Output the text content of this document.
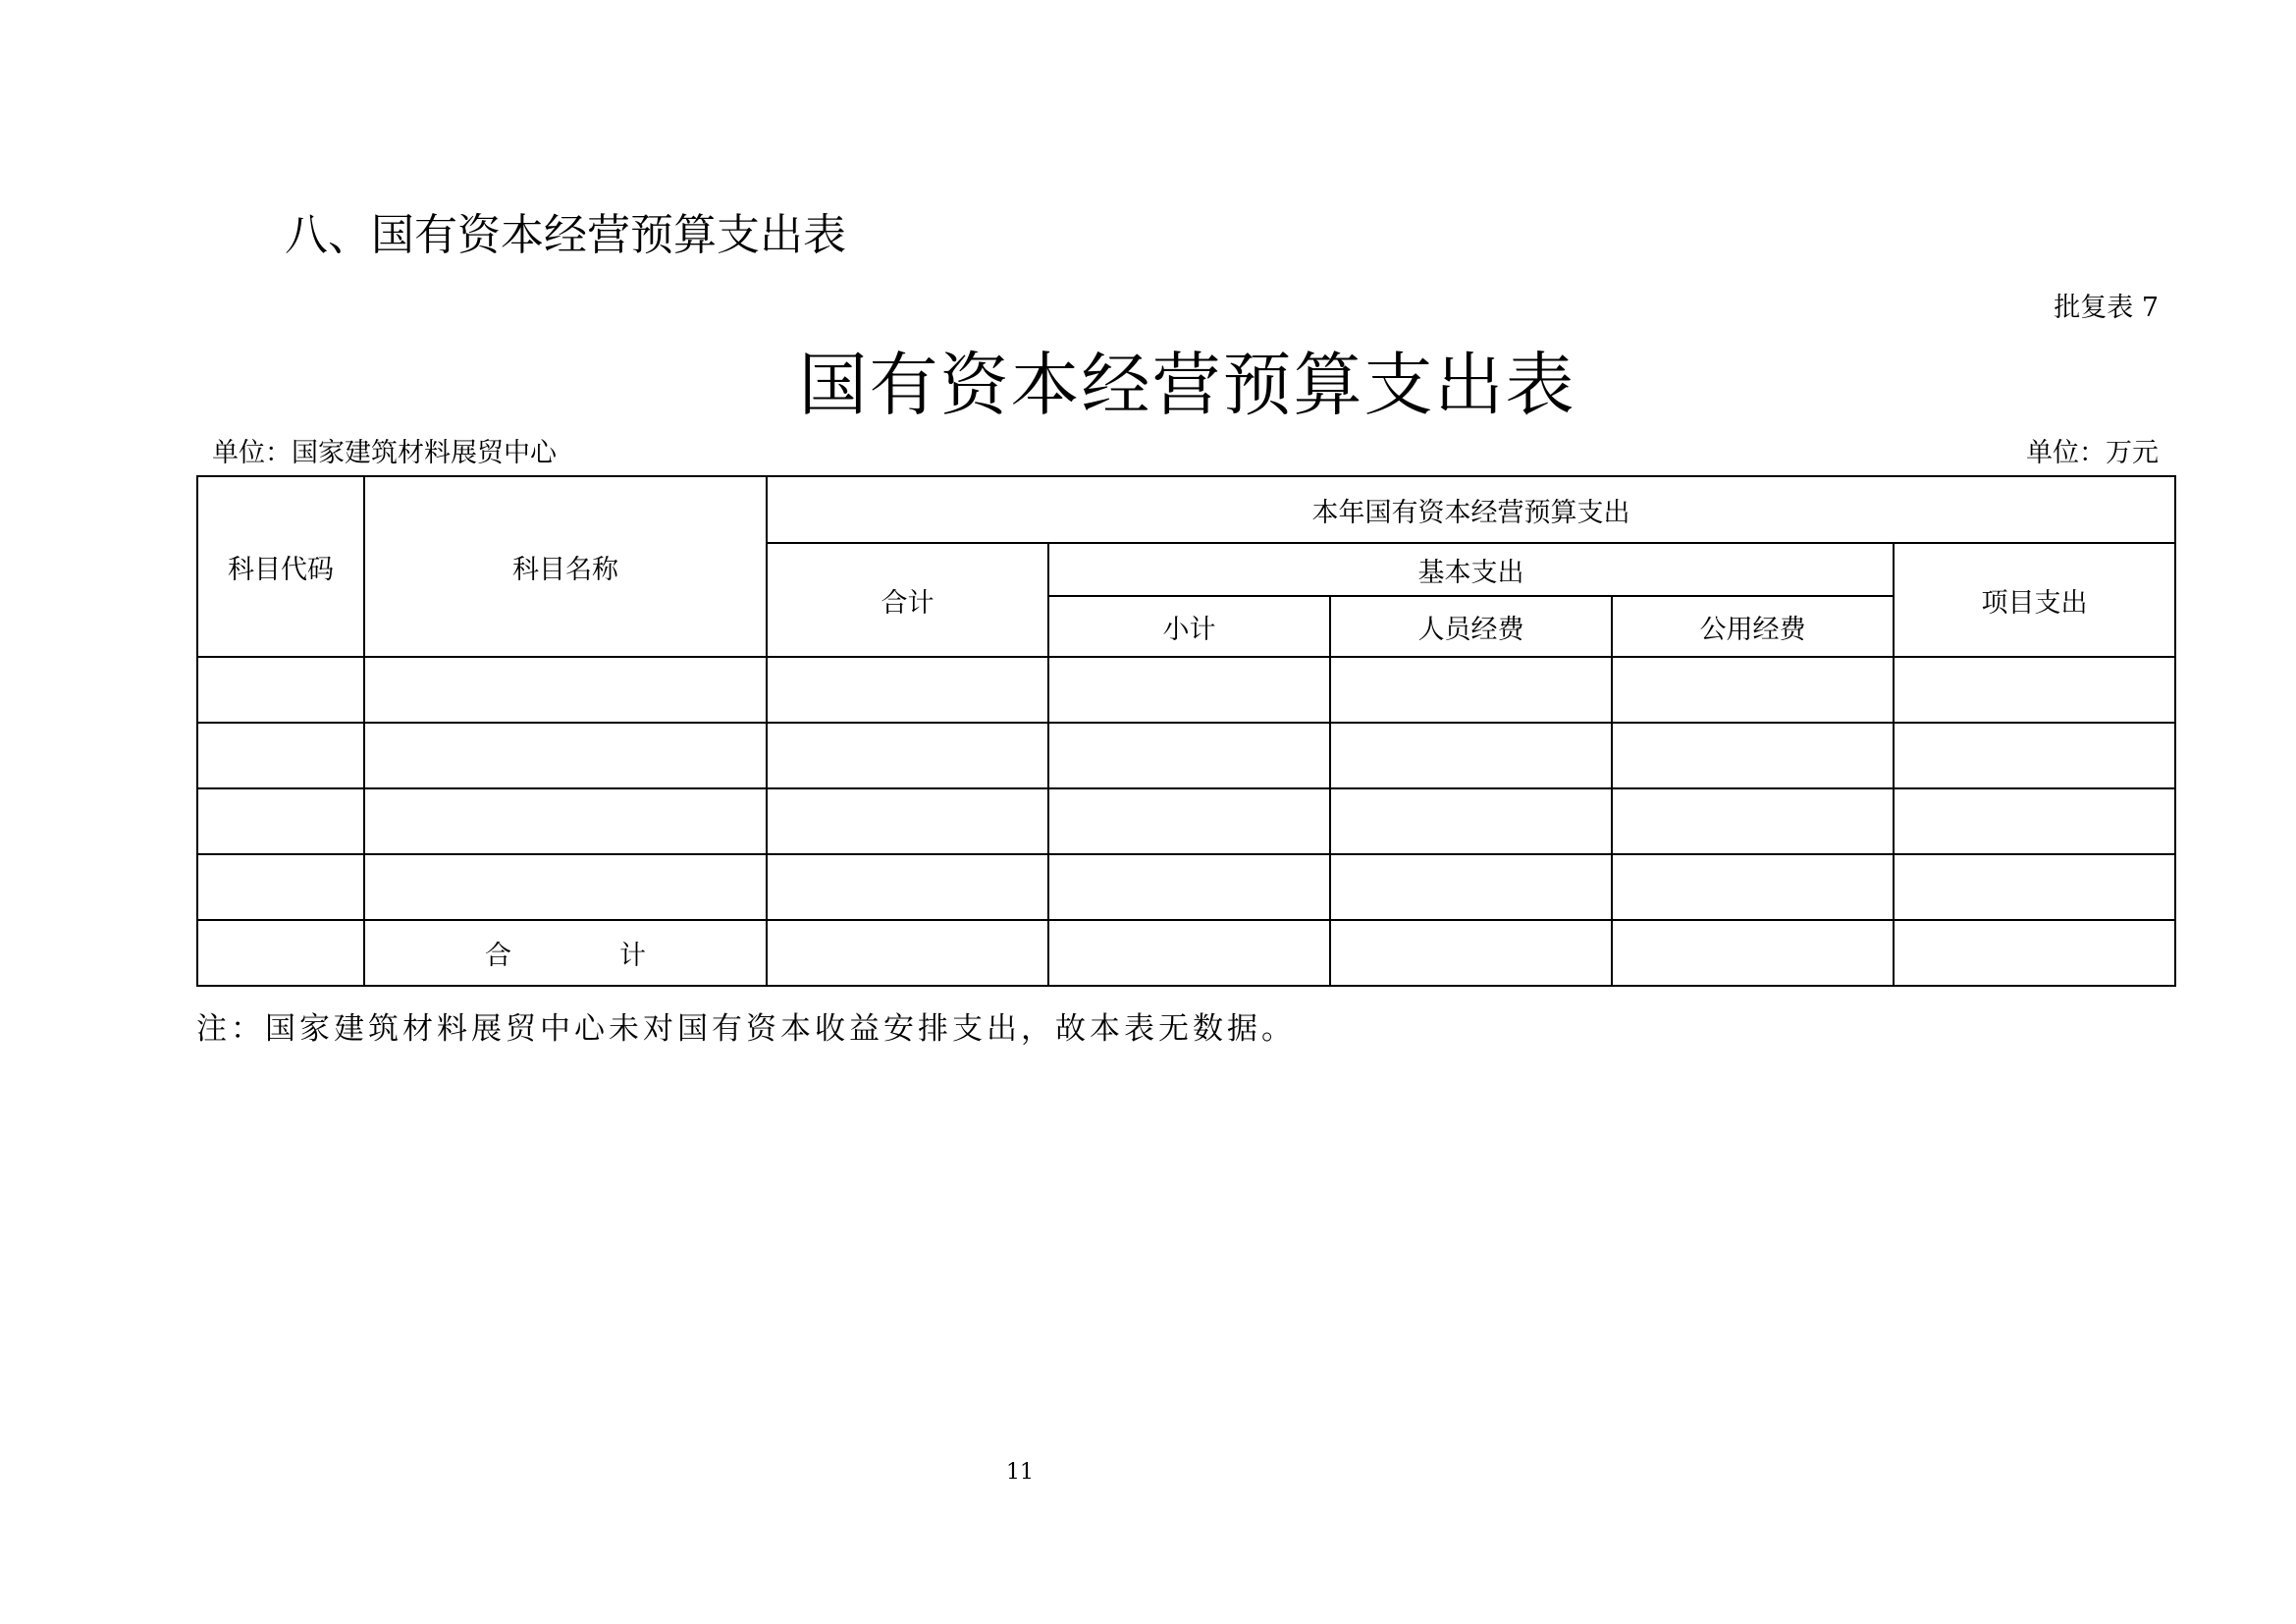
八、国有资本经营预算支出表
批复表 7
国有资本经营预算支出表
单位：国家建筑材料展贸中心	单位：万元
科目代码	科目名称	本年国有资本经营预算支出				
		合计	基本支出			项目支出
			小计	人员经费	公用经费	

	合 计					
注：国家建筑材料展贸中心未对国有资本收益安排支出，故本表无数据。
11
